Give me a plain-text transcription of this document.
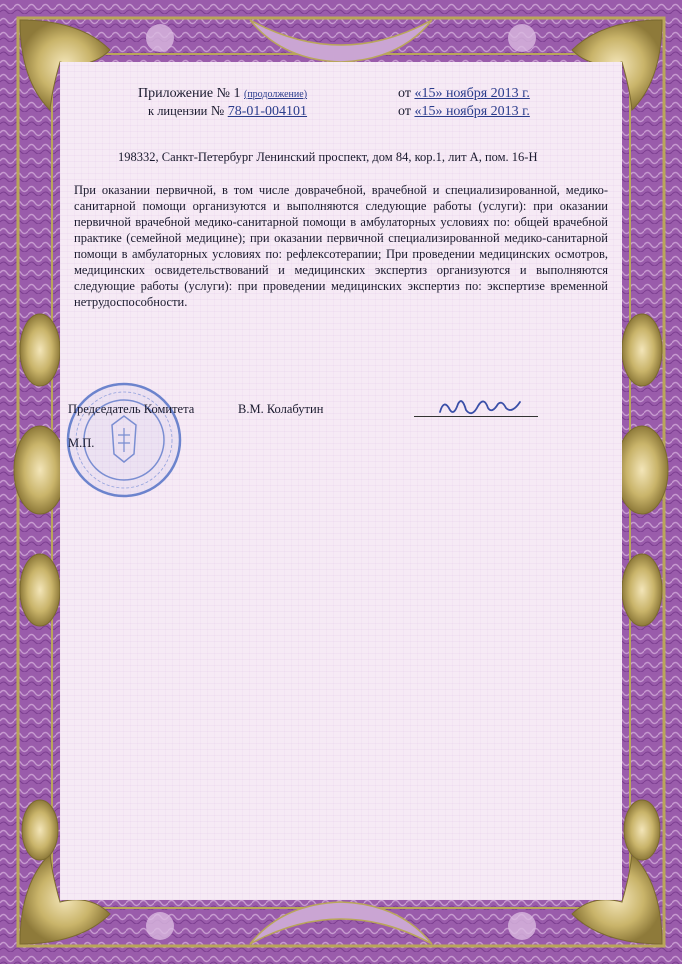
Приложение № 1 (продолжение)	от «15» ноября 2013 г.
к лицензии № 78-01-004101	от «15» ноября 2013 г.
198332, Санкт-Петербург Ленинский проспект, дом 84, кор.1, лит А, пом. 16-Н
При оказании первичной, в том числе доврачебной, врачебной и специализированной, медико-санитарной помощи организуются и выполняются следующие работы (услуги): при оказании первичной врачебной медико-санитарной помощи в амбулаторных условиях по: общей врачебной практике (семейной медицине); при оказании первичной специализированной медико-санитарной помощи в амбулаторных условиях по: рефлексотерапии; При проведении медицинских осмотров, медицинских освидетельствований и медицинских экспертиз организуются и выполняются следующие работы (услуги): при проведении медицинских экспертиз по: экспертизе временной нетрудоспособности.
Председатель Комитета	В.М. Колабутин
М.П.
